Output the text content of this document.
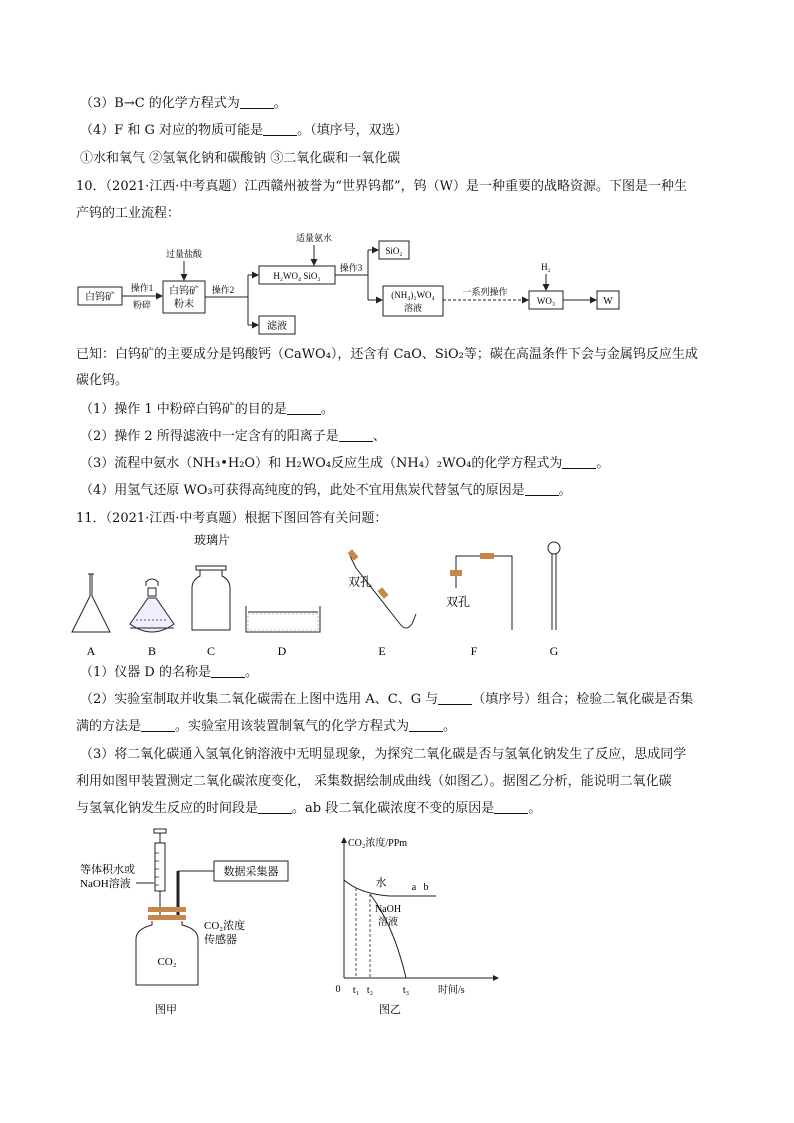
（3）B→C 的化学方程式为	。
（4）F 和 G 对应的物质可能是	。（填序号，双选）
①水和氧气 ②氢氧化钠和碳酸钠 ③二氧化碳和一氧化碳
10．（2021·江西·中考真题）江西赣州被誉为“世界钨都”，钨（W）是一种重要的战略资源。下图是一种生
产钨的工业流程：
白钨矿
操作1
粉碎
白钨矿
粉末
过量盐酸
操作2
H₂WO₄ SiO₂
适量氨水
滤液
操作3
SiO₂
(NH₄)₂WO₄
溶液
一系列操作
WO₃
H₂
W
已知：白钨矿的主要成分是钨酸钙（CaWO₄），还含有 CaO、SiO₂等；碳在高温条件下会与金属钨反应生成
碳化钨。
（1）操作 1 中粉碎白钨矿的目的是	。
（2）操作 2 所得滤液中一定含有的阳离子是	、
（3）流程中氨水（NH₃•H₂O）和 H₂WO₄反应生成（NH₄）₂WO₄的化学方程式为	。
（4）用氢气还原 WO₃可获得高纯度的钨，此处不宜用焦炭代替氢气的原因是	。
11．（2021·江西·中考真题）根据下图回答有关问题：
玻璃片
双孔
双孔
A	B	C	D	E	F	G
（1）仪器 D 的名称是	。
（2）实验室制取并收集二氧化碳需在上图中选用 A、C、G 与	（填序号）组合；检验二氧化碳是否集
满的方法是	。实验室用该装置制氧气的化学方程式为	。
（3）将二氧化碳通入氢氧化钠溶液中无明显现象，为探究二氧化碳是否与氢氧化钠发生了反应，思成同学
利用如图甲装置测定二氧化碳浓度变化， 采集数据绘制成曲线（如图乙）。据图乙分析，能说明二氧化碳
与氢氧化钠发生反应的时间段是	。ab 段二氧化碳浓度不变的原因是	。
数据采集器
CO₂
等体积水或
NaOH溶液
CO₂浓度
传感器
图甲
CO₂浓度/PPm
水	a b
NaOH
溶液
0 t₁ t₂	t₃	时间/s
图乙
